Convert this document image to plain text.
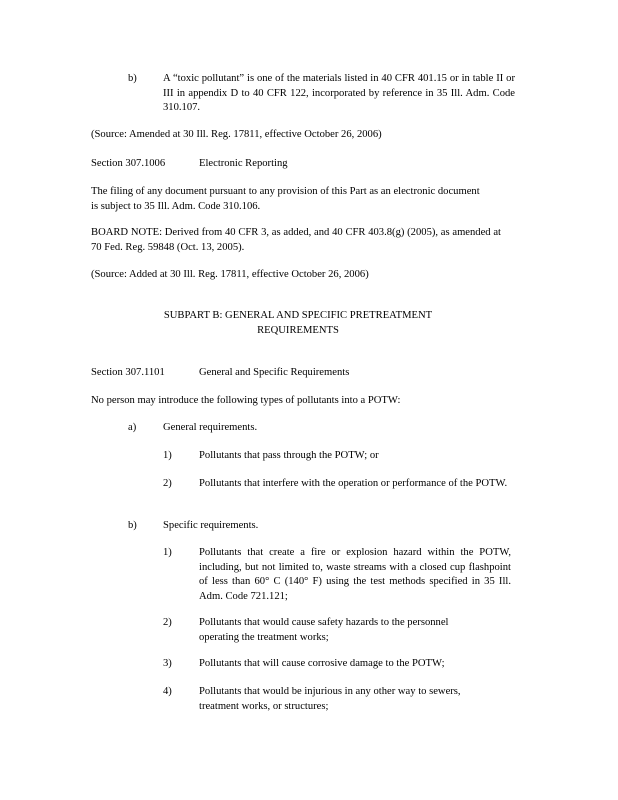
b) A “toxic pollutant” is one of the materials listed in 40 CFR 401.15 or in table II or III in appendix D to 40 CFR 122, incorporated by reference in 35 Ill. Adm. Code 310.107.
(Source: Amended at 30 Ill. Reg. 17811, effective October 26, 2006)
Section 307.1006	Electronic Reporting
The filing of any document pursuant to any provision of this Part as an electronic document is subject to 35 Ill. Adm. Code 310.106.
BOARD NOTE: Derived from 40 CFR 3, as added, and 40 CFR 403.8(g) (2005), as amended at 70 Fed. Reg. 59848 (Oct. 13, 2005).
(Source: Added at 30 Ill. Reg. 17811, effective October 26, 2006)
SUBPART B: GENERAL AND SPECIFIC PRETREATMENT
REQUIREMENTS
Section 307.1101	General and Specific Requirements
No person may introduce the following types of pollutants into a POTW:
a)	General requirements.
1)	Pollutants that pass through the POTW; or
2)	Pollutants that interfere with the operation or performance of the POTW.
b) Specific requirements.
1)	Pollutants that create a fire or explosion hazard within the POTW, including, but not limited to, waste streams with a closed cup flashpoint of less than 60° C (140° F) using the test methods specified in 35 Ill. Adm. Code 721.121;
2)	Pollutants that would cause safety hazards to the personnel operating the treatment works;
3)	Pollutants that will cause corrosive damage to the POTW;
4)	Pollutants that would be injurious in any other way to sewers, treatment works, or structures;
